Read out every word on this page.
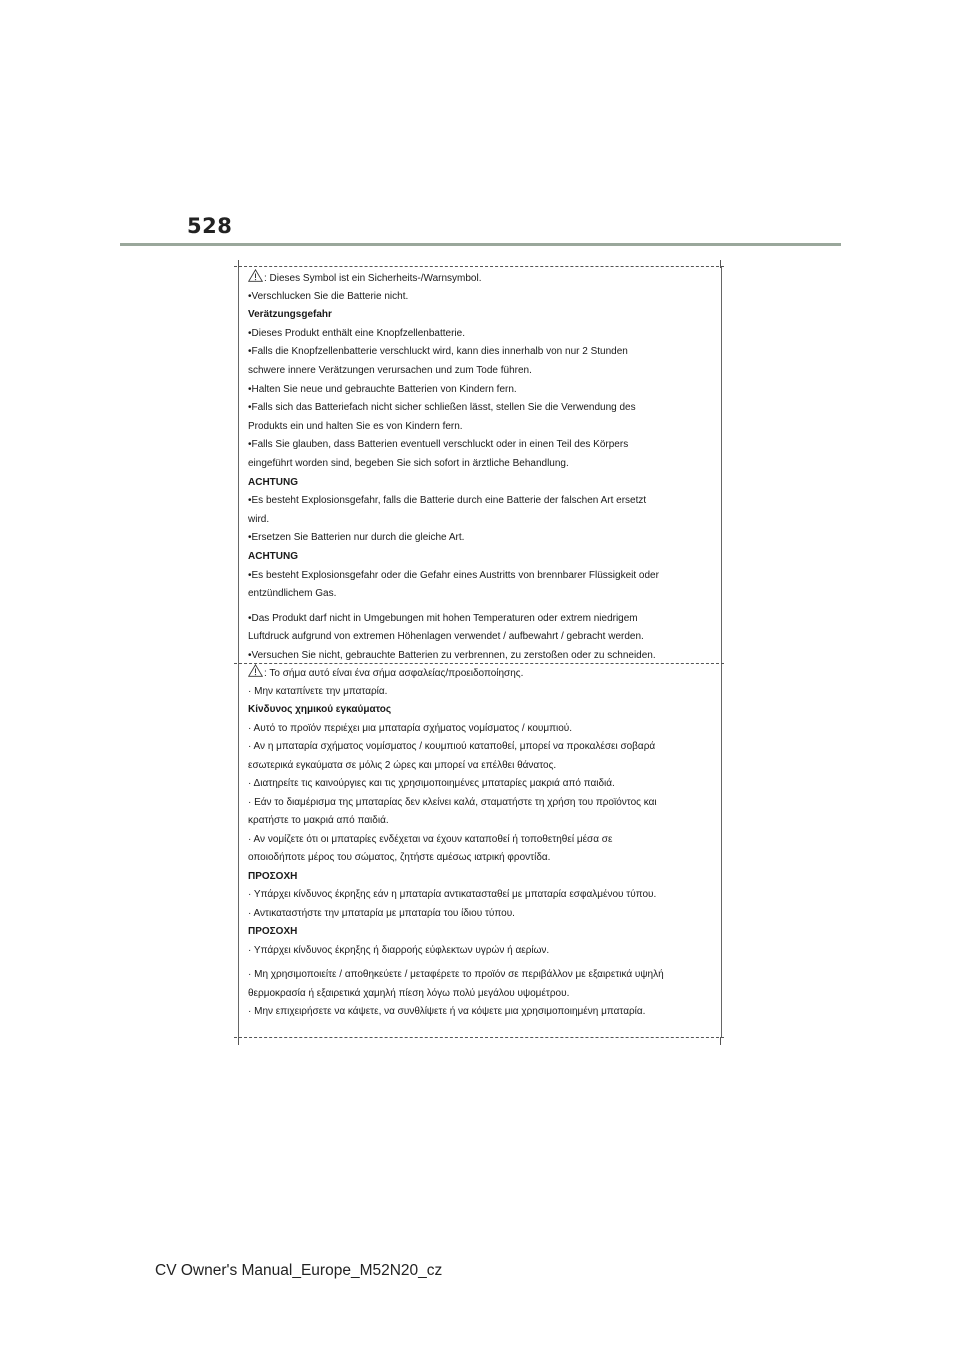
528
: Dieses Symbol ist ein Sicherheits-/Warnsymbol.
•Verschlucken Sie die Batterie nicht.
Verätzungsgefahr
•Dieses Produkt enthält eine Knopfzellenbatterie.
•Falls die Knopfzellenbatterie verschluckt wird, kann dies innerhalb von nur 2 Stunden
schwere innere Verätzungen verursachen und zum Tode führen.
•Halten Sie neue und gebrauchte Batterien von Kindern fern.
•Falls sich das Batteriefach nicht sicher schließen lässt, stellen Sie die Verwendung des
Produkts ein und halten Sie es von Kindern fern.
•Falls Sie glauben, dass Batterien eventuell verschluckt oder in einen Teil des Körpers
eingeführt worden sind, begeben Sie sich sofort in ärztliche Behandlung.
ACHTUNG
•Es besteht Explosionsgefahr, falls die Batterie durch eine Batterie der falschen Art ersetzt
wird.
•Ersetzen Sie Batterien nur durch die gleiche Art.
ACHTUNG
•Es besteht Explosionsgefahr oder die Gefahr eines Austritts von brennbarer Flüssigkeit oder
entzündlichem Gas.
•Das Produkt darf nicht in Umgebungen mit hohen Temperaturen oder extrem niedrigem
Luftdruck aufgrund von extremen Höhenlagen verwendet / aufbewahrt / gebracht werden.
•Versuchen Sie nicht, gebrauchte Batterien zu verbrennen, zu zerstoßen oder zu schneiden.
: Το σήμα αυτό είναι ένα σήμα ασφαλείας/προειδοποίησης.
· Μην καταπίνετε την μπαταρία.
Κίνδυνος χημικού εγκαύματος
· Αυτό το προϊόν περιέχει μια μπαταρία σχήματος νομίσματος / κουμπιού.
· Αν η μπαταρία σχήματος νομίσματος / κουμπιού καταποθεί, μπορεί να προκαλέσει σοβαρά
εσωτερικά εγκαύματα σε μόλις 2 ώρες και μπορεί να επέλθει θάνατος.
· Διατηρείτε τις καινούργιες και τις χρησιμοποιημένες μπαταρίες μακριά από παιδιά.
· Εάν το διαμέρισμα της μπαταρίας δεν κλείνει καλά, σταματήστε τη χρήση του προϊόντος και
κρατήστε το μακριά από παιδιά.
· Αν νομίζετε ότι οι μπαταρίες ενδέχεται να έχουν καταποθεί ή τοποθετηθεί μέσα σε
οποιοδήποτε μέρος του σώματος, ζητήστε αμέσως ιατρική φροντίδα.
ΠΡΟΣΟΧΗ
· Υπάρχει κίνδυνος έκρηξης εάν η μπαταρία αντικατασταθεί με μπαταρία εσφαλμένου τύπου.
· Αντικαταστήστε την μπαταρία με μπαταρία του ίδιου τύπου.
ΠΡΟΣΟΧΗ
· Υπάρχει κίνδυνος έκρηξης ή διαρροής εύφλεκτων υγρών ή αερίων.
· Μη χρησιμοποιείτε / αποθηκεύετε / μεταφέρετε το προϊόν σε περιβάλλον με εξαιρετικά υψηλή
θερμοκρασία ή εξαιρετικά χαμηλή πίεση λόγω πολύ μεγάλου υψομέτρου.
· Μην επιχειρήσετε να κάψετε, να συνθλίψετε ή να κόψετε μια χρησιμοποιημένη μπαταρία.
CV Owner's Manual_Europe_M52N20_cz
